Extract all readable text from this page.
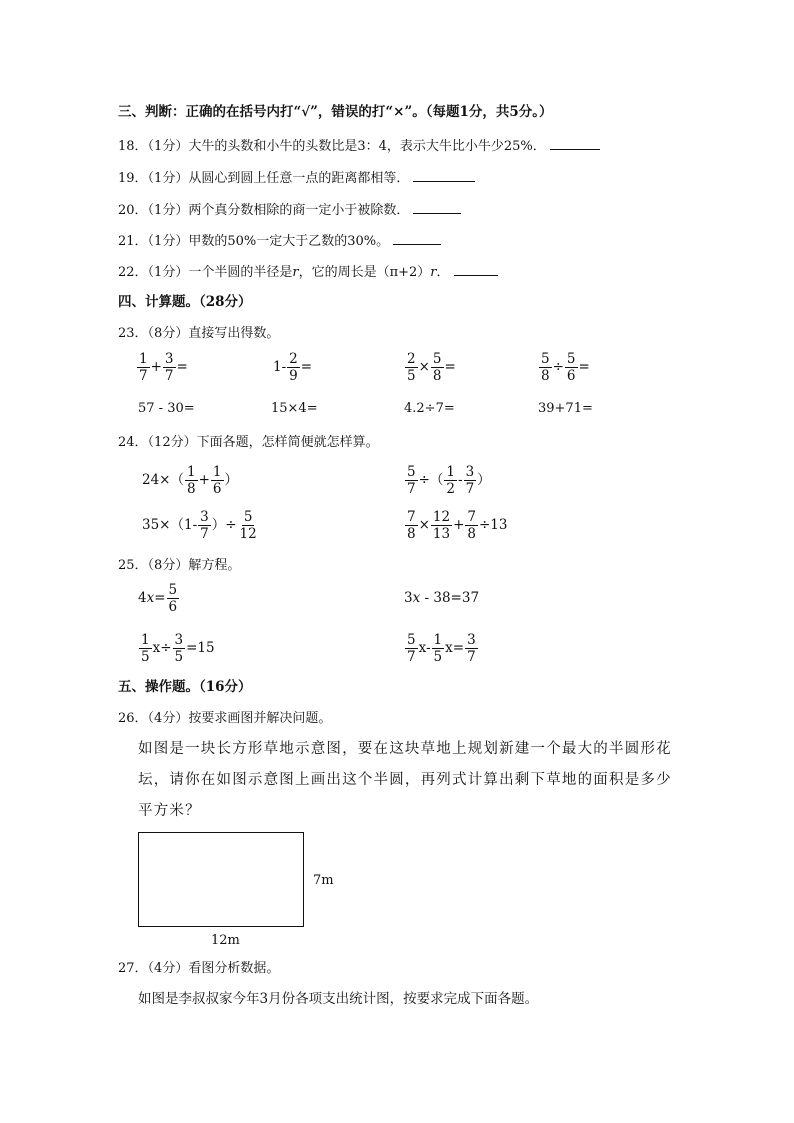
三、判断：正确的在括号内打“√”，错误的打“×”。（每题1分，共5分。）
18．（1分）大牛的头数和小牛的头数比是3：4，表示大牛比小牛少25%．
19．（1分）从圆心到圆上任意一点的距离都相等．
20．（1分）两个真分数相除的商一定小于被除数．
21．（1分）甲数的50%一定大于乙数的30%。
22．（1分）一个半圆的半径是r，它的周长是（π+2）r．
四、计算题。（28分）
23．（8分）直接写出得数。
$\frac{1}{7} + \frac{3}{7}$ =	$1- \frac{2}{9}$ =	$\frac{2}{5} \times \frac{5}{8}$ =	$\frac{5}{8} \div \frac{5}{6}$ =
57 - 30=	15×4=	4.2÷7=	39+71=
24．（12分）下面各题，怎样简便就怎样算。
$24\times( \frac{1}{8} + \frac{1}{6}$ ）	$\frac{5}{7}$ ÷（ $\frac{1}{2} - \frac{3}{7}$ ）
$35\times(1- \frac{3}{7}$ ）÷ $\frac{5}{12}$	$\frac{7}{8} \times \frac{12}{13} + \frac{7}{8} \div 13$
25．（8分）解方程。
$4x= \frac{5}{6}$	3x - 38=37
$\frac{1}{5} x\div \frac{3}{5} =15$	$\frac{5}{7} x- \frac{1}{5} x= \frac{3}{7}$
五、操作题。（16分）
26．（4分）按要求画图并解决问题。
如图是一块长方形草地示意图，要在这块草地上规划新建一个最大的半圆形花
坛，请你在如图示意图上画出这个半圆，再列式计算出剩下草地的面积是多少
平方米？
7m
12m
27．（4分）看图分析数据。
如图是李叔叔家今年3月份各项支出统计图，按要求完成下面各题。
